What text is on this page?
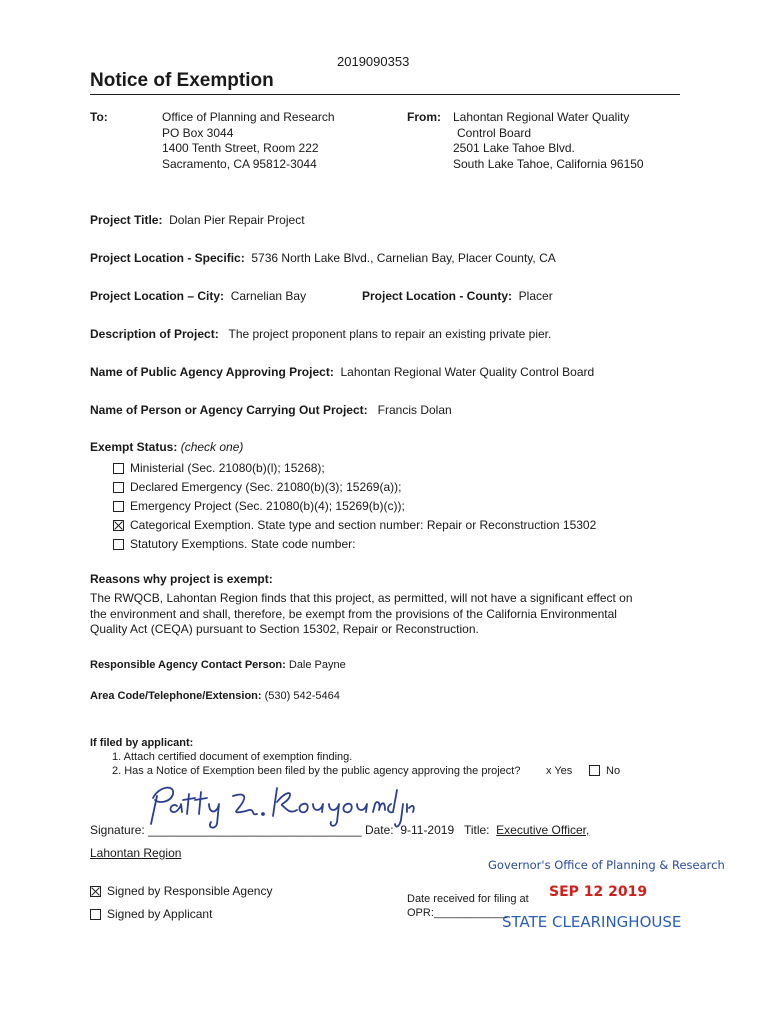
2019090353
Notice of Exemption
To:	Office of Planning and Research
PO Box 3044
1400 Tenth Street, Room 222
Sacramento, CA 95812-3044
From: Lahontan Regional Water Quality
Control Board
2501 Lake Tahoe Blvd.
South Lake Tahoe, California 96150
Project Title: Dolan Pier Repair Project
Project Location - Specific: 5736 North Lake Blvd., Carnelian Bay, Placer County, CA
Project Location – City: Carnelian Bay	Project Location - County: Placer
Description of Project: The project proponent plans to repair an existing private pier.
Name of Public Agency Approving Project: Lahontan Regional Water Quality Control Board
Name of Person or Agency Carrying Out Project: Francis Dolan
Exempt Status: (check one)
Ministerial (Sec. 21080(b)(l); 15268);
Declared Emergency (Sec. 21080(b)(3); 15269(a));
Emergency Project (Sec. 21080(b)(4); 15269(b)(c));
Categorical Exemption. State type and section number: Repair or Reconstruction 15302
Statutory Exemptions. State code number:
Reasons why project is exempt:
The RWQCB, Lahontan Region finds that this project, as permitted, will not have a significant effect on
the environment and shall, therefore, be exempt from the provisions of the California Environmental
Quality Act (CEQA) pursuant to Section 15302, Repair or Reconstruction.
Responsible Agency Contact Person: Dale Payne
Area Code/Telephone/Extension: (530) 542-5464
If filed by applicant:
1. Attach certified document of exemption finding.
2. Has a Notice of Exemption been filed by the public agency approving the project? x Yes	No
Signature: ________________________________ Date: 9-11-2019 Title: Executive Officer,
Lahontan Region
Signed by Responsible Agency
Signed by Applicant
Date received for filing at
OPR:____________
Governor's Office of Planning & Research
SEP 12 2019
STATE CLEARINGHOUSE
